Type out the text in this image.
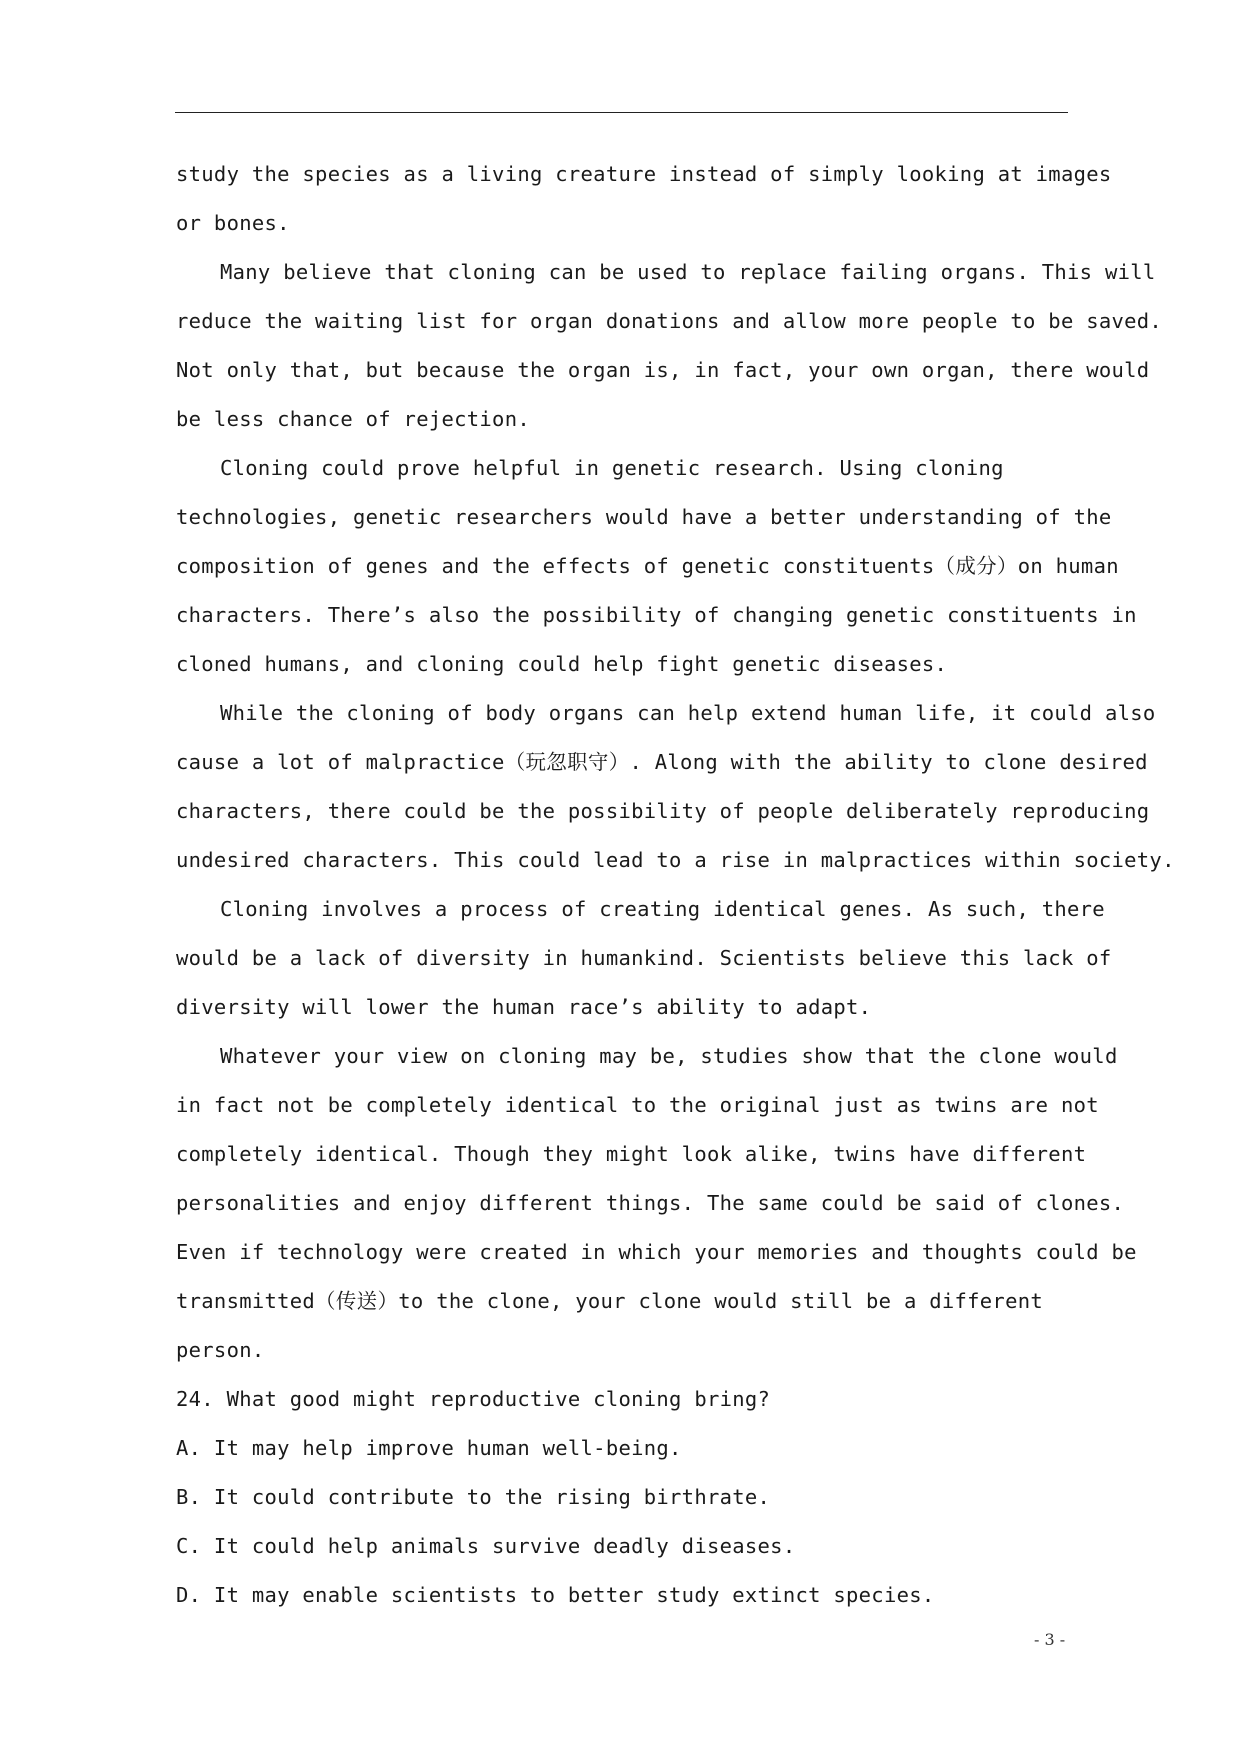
study the species as a living creature instead of simply looking at images
or bones.
Many believe that cloning can be used to replace failing organs. This will
reduce the waiting list for organ donations and allow more people to be saved.
Not only that, but because the organ is, in fact, your own organ, there would
be less chance of rejection.
Cloning could prove helpful in genetic research. Using cloning
technologies, genetic researchers would have a better understanding of the
composition of genes and the effects of genetic constituents（成分）on human
characters. There’s also the possibility of changing genetic constituents in
cloned humans, and cloning could help fight genetic diseases.
While the cloning of body organs can help extend human life, it could also
cause a lot of malpractice（玩忽职守）. Along with the ability to clone desired
characters, there could be the possibility of people deliberately reproducing
undesired characters. This could lead to a rise in malpractices within society.
Cloning involves a process of creating identical genes. As such, there
would be a lack of diversity in humankind. Scientists believe this lack of
diversity will lower the human race’s ability to adapt.
Whatever your view on cloning may be, studies show that the clone would
in fact not be completely identical to the original just as twins are not
completely identical. Though they might look alike, twins have different
personalities and enjoy different things. The same could be said of clones.
Even if technology were created in which your memories and thoughts could be
transmitted（传送）to the clone, your clone would still be a different
person.
24. What good might reproductive cloning bring?
A. It may help improve human well-being.
B. It could contribute to the rising birthrate.
C. It could help animals survive deadly diseases.
D. It may enable scientists to better study extinct species.
- 3 -
